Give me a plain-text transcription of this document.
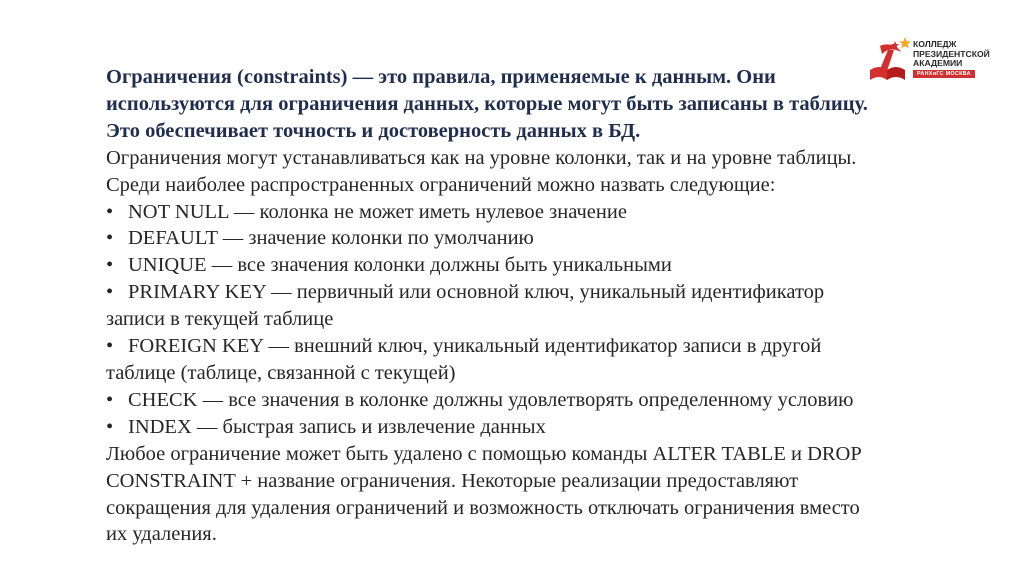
КОЛЛЕДЖ
ПРЕЗИДЕНТСКОЙ
АКАДЕМИИ
РАНХиГС МОСКВА

Ограничения (constraints) — это правила, применяемые к данным. Они

используются для ограничения данных, которые могут быть записаны в таблицу.

Это обеспечивает точность и достоверность данных в БД.

Ограничения могут устанавливаться как на уровне колонки, так и на уровне таблицы.

Среди наиболее распространенных ограничений можно назвать следующие:

• NOT NULL — колонка не может иметь нулевое значение

• DEFAULT — значение колонки по умолчанию

• UNIQUE — все значения колонки должны быть уникальными

• PRIMARY KEY — первичный или основной ключ, уникальный идентификатор

записи в текущей таблице

• FOREIGN KEY — внешний ключ, уникальный идентификатор записи в другой

таблице (таблице, связанной с текущей)

• CHECK — все значения в колонке должны удовлетворять определенному условию

• INDEX — быстрая запись и извлечение данных

Любое ограничение может быть удалено с помощью команды ALTER TABLE и DROP

CONSTRAINT + название ограничения. Некоторые реализации предоставляют

сокращения для удаления ограничений и возможность отключать ограничения вместо

их удаления.
